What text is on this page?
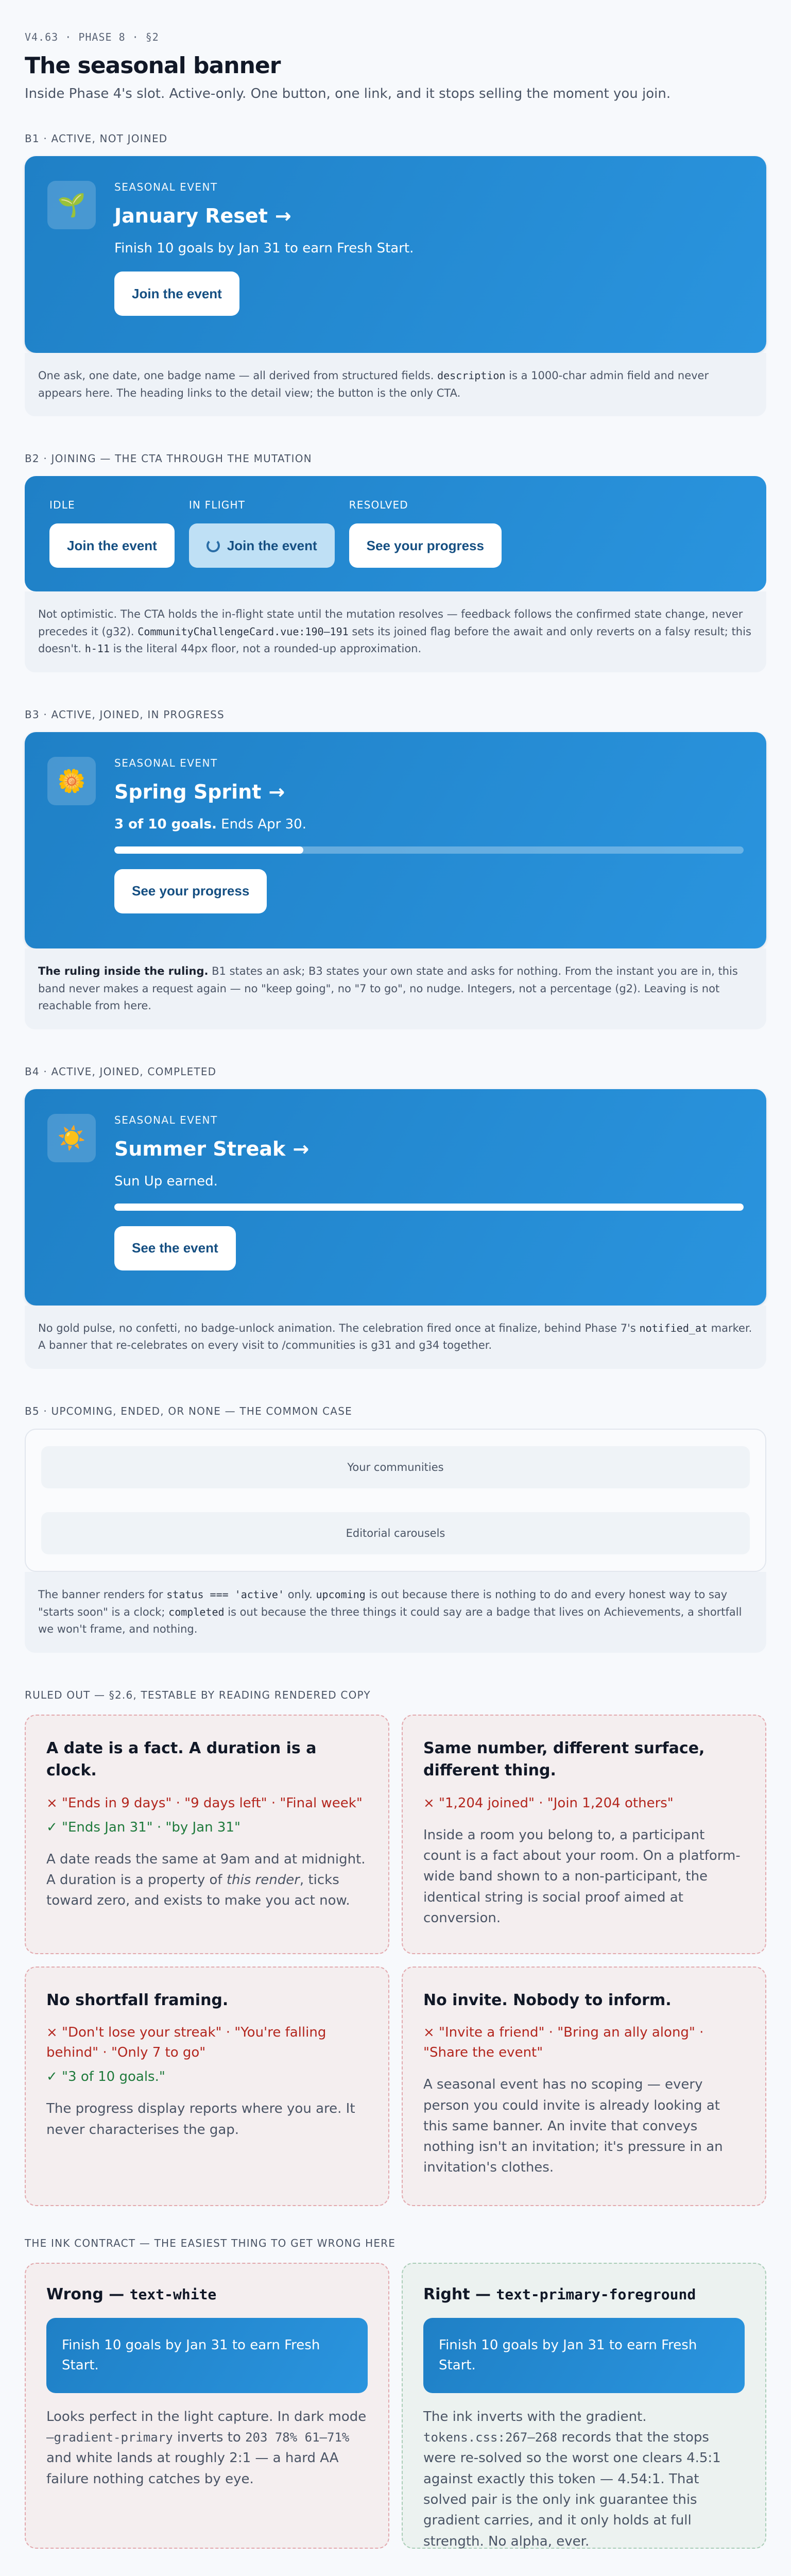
V4.63 · PHASE 8 · §2
The seasonal banner

Inside Phase 4's slot. Active-only. One button, one link, and it stops selling the moment you join.

B1 · ACTIVE, NOT JOINED
🌱
SEASONAL EVENT
January Reset →
Finish 10 goals by Jan 31 to earn Fresh Start.
Join the event
One ask, one date, one badge name — all derived from structured fields. description is a 1000-char admin field and never appears here. The heading links to the detail view; the button is the only CTA.
B2 · JOINING — THE CTA THROUGH THE MUTATION
IDLE
Join the event
IN FLIGHT
Join the event
RESOLVED
See your progress
Not optimistic. The CTA holds the in-flight state until the mutation resolves — feedback follows the confirmed state change, never precedes it (g32). CommunityChallengeCard.vue:190–191 sets its joined flag before the await and only reverts on a falsy result; this doesn't. h-11 is the literal 44px floor, not a rounded-up approximation.
B3 · ACTIVE, JOINED, IN PROGRESS
🌼
SEASONAL EVENT
Spring Sprint →
3 of 10 goals. Ends Apr 30.
See your progress
The ruling inside the ruling. B1 states an ask; B3 states your own state and asks for nothing. From the instant you are in, this band never makes a request again — no "keep going", no "7 to go", no nudge. Integers, not a percentage (g2). Leaving is not reachable from here.
B4 · ACTIVE, JOINED, COMPLETED
☀️
SEASONAL EVENT
Summer Streak →
Sun Up earned.
See the event
No gold pulse, no confetti, no badge-unlock animation. The celebration fired once at finalize, behind Phase 7's notified_at marker. A banner that re-celebrates on every visit to /communities is g31 and g34 together.
B5 · UPCOMING, ENDED, OR NONE — THE COMMON CASE
Your communities
Editorial carousels
The banner renders for status === 'active' only. upcoming is out because there is nothing to do and every honest way to say "starts soon" is a clock; completed is out because the three things it could say are a badge that lives on Achievements, a shortfall we won't frame, and nothing.
RULED OUT — §2.6, TESTABLE BY READING RENDERED COPY
A date is a fact. A duration is a clock.
× "Ends in 9 days" · "9 days left" · "Final week"
✓ "Ends Jan 31" · "by Jan 31"

A date reads the same at 9am and at midnight. A duration is a property of this render, ticks toward zero, and exists to make you act now.

Same number, different surface, different thing.
× "1,204 joined" · "Join 1,204 others"

Inside a room you belong to, a participant count is a fact about your room. On a platform-wide band shown to a non-participant, the identical string is social proof aimed at conversion.

No shortfall framing.
× "Don't lose your streak" · "You're falling behind" · "Only 7 to go"
✓ "3 of 10 goals."

The progress display reports where you are. It never characterises the gap.

No invite. Nobody to inform.
× "Invite a friend" · "Bring an ally along" · "Share the event"

A seasonal event has no scoping — every person you could invite is already looking at this same banner. An invite that conveys nothing isn't an invitation; it's pressure in an invitation's clothes.

THE INK CONTRACT — THE EASIEST THING TO GET WRONG HERE
Wrong — text-white
Finish 10 goals by Jan 31 to earn Fresh Start.

Looks perfect in the light capture. In dark mode —gradient-primary inverts to 203 78% 61–71% and white lands at roughly 2:1 — a hard AA failure nothing catches by eye.

Right — text-primary-foreground
Finish 10 goals by Jan 31 to earn Fresh Start.

The ink inverts with the gradient. tokens.css:267–268 records that the stops were re-solved so the worst one clears 4.5:1 against exactly this token — 4.54:1. That solved pair is the only ink guarantee this gradient carries, and it only holds at full strength. No alpha, ever.
